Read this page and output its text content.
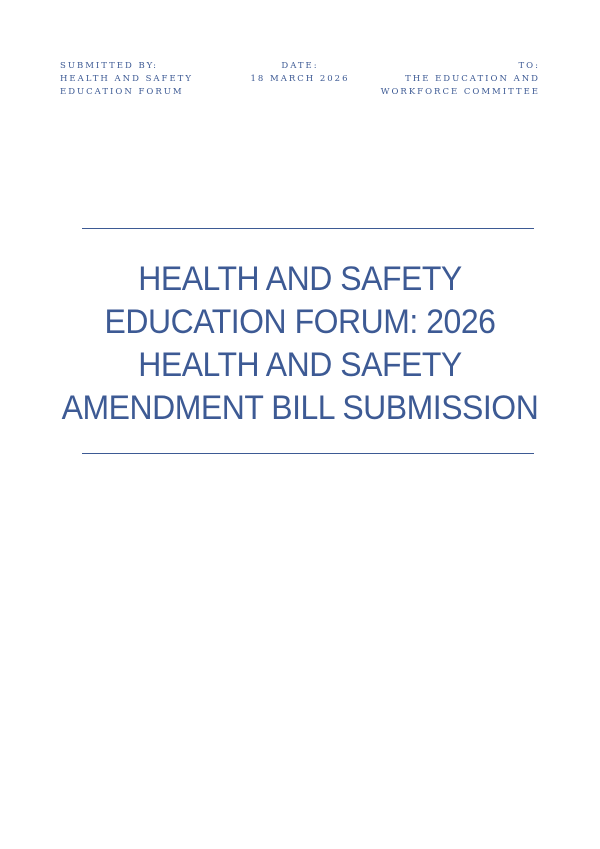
SUBMITTED BY:
HEALTH AND SAFETY
EDUCATION FORUM
DATE:
18 MARCH 2026
TO:
THE EDUCATION AND
WORKFORCE COMMITTEE
HEALTH AND SAFETY
EDUCATION FORUM: 2026
HEALTH AND SAFETY
AMENDMENT BILL SUBMISSION
